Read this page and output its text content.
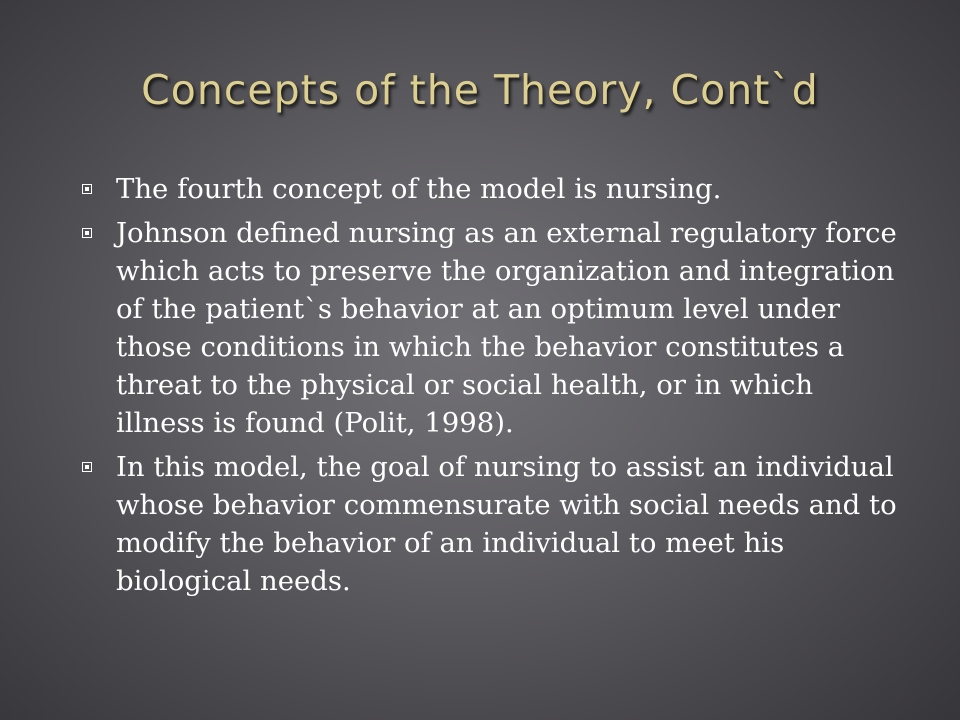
Concepts of the Theory, Cont`d
The fourth concept of the model is nursing.
Johnson defined nursing as an external regulatory force which acts to preserve the organization and integration of the patient`s behavior at an optimum level under those conditions in which the behavior constitutes a threat to the physical or social health, or in which illness is found (Polit, 1998).
In this model, the goal of nursing to assist an individual whose behavior commensurate with social needs and to modify the behavior of an individual to meet his biological needs.
